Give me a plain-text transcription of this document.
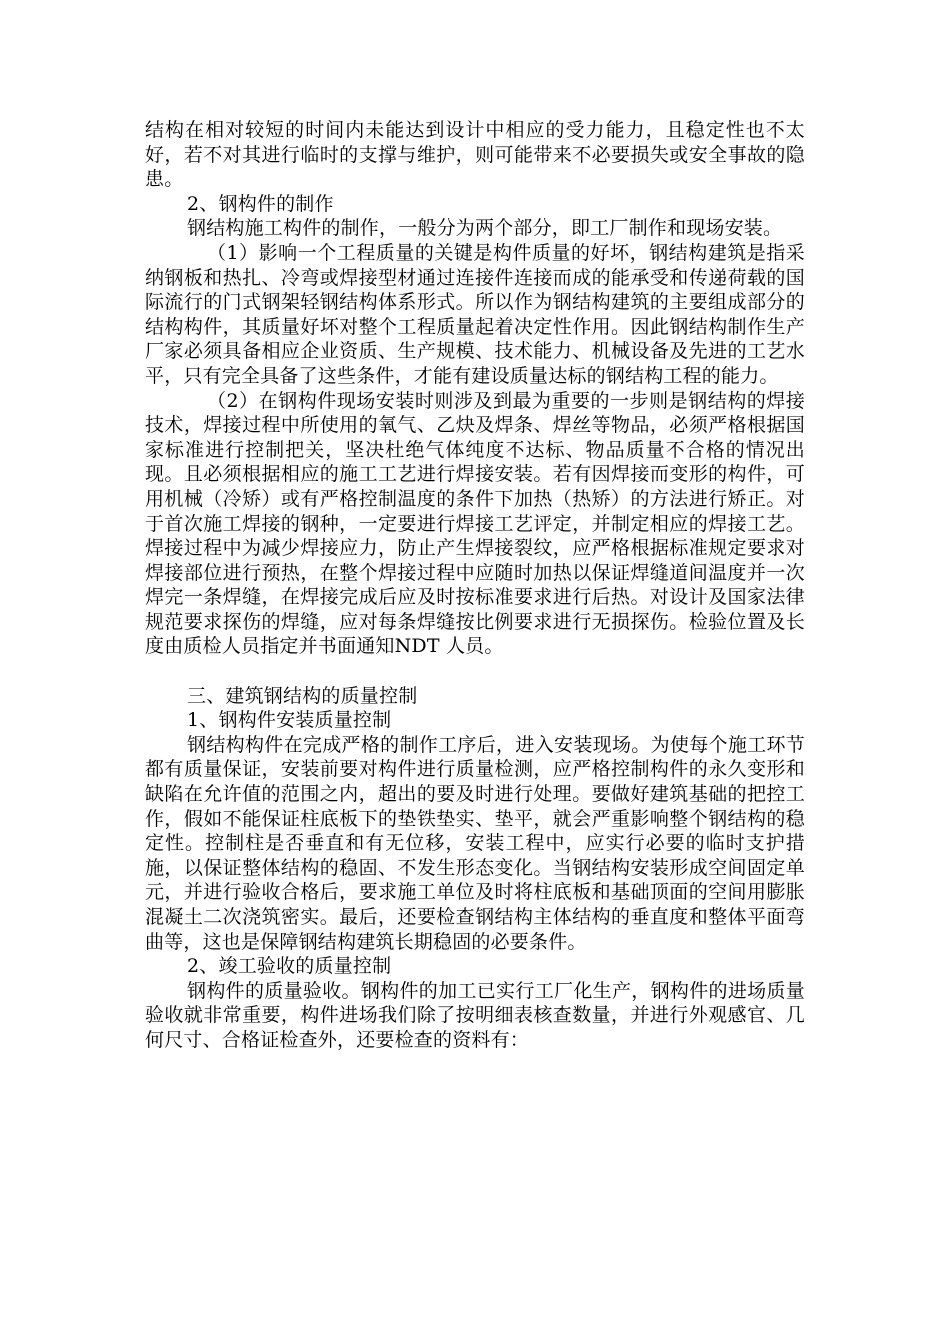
结构在相对较短的时间内未能达到设计中相应的受力能力，且稳定性也不太好，若不对其进行临时的支撑与维护，则可能带来不必要损失或安全事故的隐患。

2、钢构件的制作

钢结构施工构件的制作，一般分为两个部分，即工厂制作和现场安装。

（1）影响一个工程质量的关键是构件质量的好坏，钢结构建筑是指采纳钢板和热扎、冷弯或焊接型材通过连接件连接而成的能承受和传递荷载的国际流行的门式钢架轻钢结构体系形式。所以作为钢结构建筑的主要组成部分的结构构件，其质量好坏对整个工程质量起着决定性作用。因此钢结构制作生产厂家必须具备相应企业资质、生产规模、技术能力、机械设备及先进的工艺水平，只有完全具备了这些条件，才能有建设质量达标的钢结构工程的能力。

（2）在钢构件现场安装时则涉及到最为重要的一步则是钢结构的焊接技术，焊接过程中所使用的氧气、乙炔及焊条、焊丝等物品，必须严格根据国家标准进行控制把关，坚决杜绝气体纯度不达标、物品质量不合格的情况出现。且必须根据相应的施工工艺进行焊接安装。若有因焊接而变形的构件，可用机械（冷矫）或有严格控制温度的条件下加热（热矫）的方法进行矫正。对于首次施工焊接的钢种，一定要进行焊接工艺评定，并制定相应的焊接工艺。焊接过程中为减少焊接应力，防止产生焊接裂纹，应严格根据标准规定要求对焊接部位进行预热，在整个焊接过程中应随时加热以保证焊缝道间温度并一次焊完一条焊缝，在焊接完成后应及时按标准要求进行后热。对设计及国家法律规范要求探伤的焊缝，应对每条焊缝按比例要求进行无损探伤。检验位置及长度由质检人员指定并书面通知NDT 人员。

三、建筑钢结构的质量控制

1、钢构件安装质量控制

钢结构构件在完成严格的制作工序后，进入安装现场。为使每个施工环节都有质量保证，安装前要对构件进行质量检测，应严格控制构件的永久变形和缺陷在允许值的范围之内，超出的要及时进行处理。要做好建筑基础的把控工作，假如不能保证柱底板下的垫铁垫实、垫平，就会严重影响整个钢结构的稳定性。控制柱是否垂直和有无位移，安装工程中，应实行必要的临时支护措施，以保证整体结构的稳固、不发生形态变化。当钢结构安装形成空间固定单元，并进行验收合格后，要求施工单位及时将柱底板和基础顶面的空间用膨胀混凝土二次浇筑密实。最后，还要检查钢结构主体结构的垂直度和整体平面弯曲等，这也是保障钢结构建筑长期稳固的必要条件。

2、竣工验收的质量控制

钢构件的质量验收。钢构件的加工已实行工厂化生产，钢构件的进场质量验收就非常重要，构件进场我们除了按明细表核查数量，并进行外观感官、几何尺寸、合格证检查外，还要检查的资料有：
